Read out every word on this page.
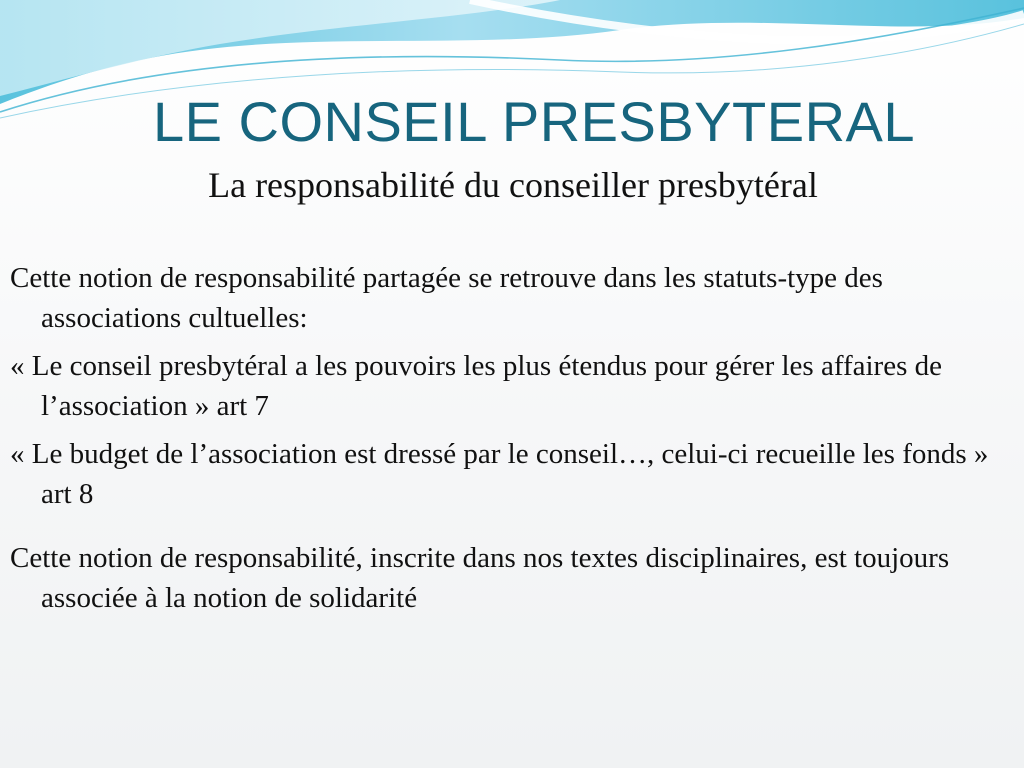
LE CONSEIL PRESBYTERAL
La responsabilité du conseiller presbytéral

Cette notion de responsabilité partagée se retrouve dans les statuts-type des associations cultuelles:

« Le conseil presbytéral a les pouvoirs les plus étendus pour gérer les affaires de l’association » art 7

« Le budget de l’association est dressé par le conseil…, celui-ci recueille les fonds » art 8

Cette notion de responsabilité, inscrite dans nos textes disciplinaires, est toujours associée à la notion de solidarité
